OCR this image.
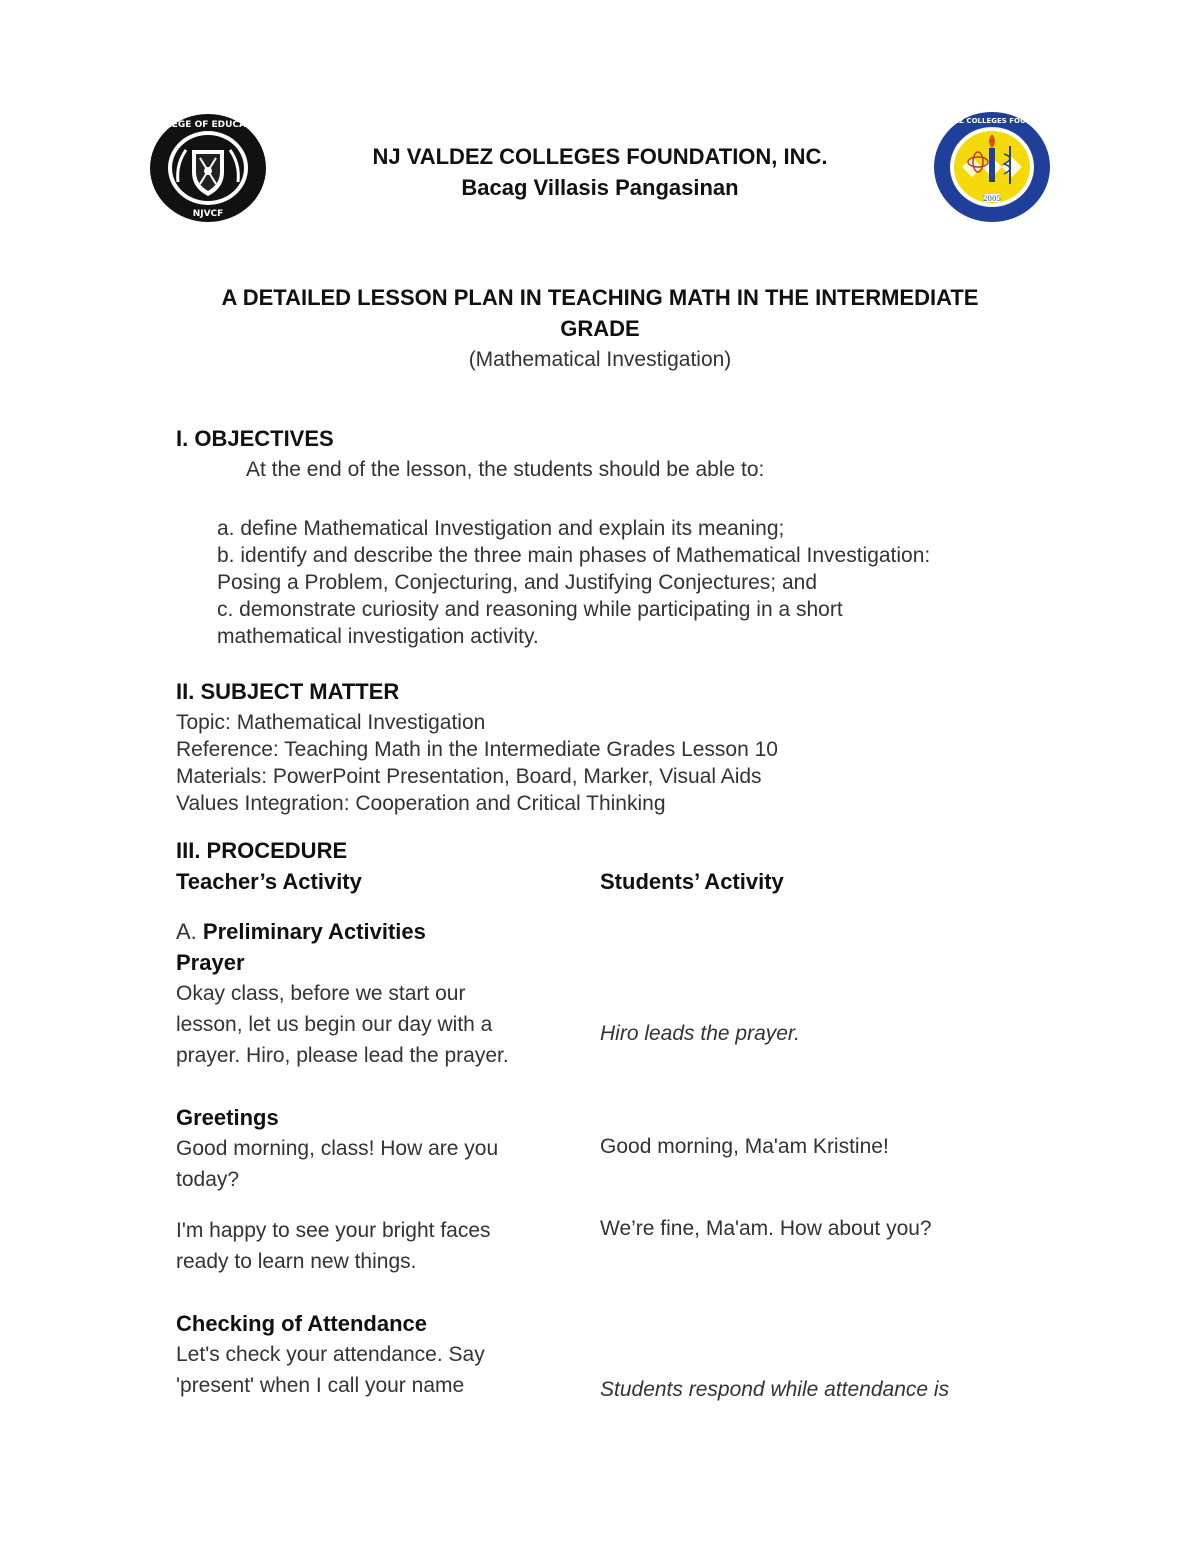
COLLEGE OF EDUCATION
NJVCF
2005
NJ VALDEZ COLLEGES FOUNDATION
NJ VALDEZ COLLEGES FOUNDATION, INC.
Bacag Villasis Pangasinan
A DETAILED LESSON PLAN IN TEACHING MATH IN THE INTERMEDIATE
GRADE
(Mathematical Investigation)
I. OBJECTIVES
At the end of the lesson, the students should be able to:
a. define Mathematical Investigation and explain its meaning;
b. identify and describe the three main phases of Mathematical Investigation:
Posing a Problem, Conjecturing, and Justifying Conjectures; and
c. demonstrate curiosity and reasoning while participating in a short
mathematical investigation activity.
II. SUBJECT MATTER
Topic: Mathematical Investigation
Reference: Teaching Math in the Intermediate Grades Lesson 10
Materials: PowerPoint Presentation, Board, Marker, Visual Aids
Values Integration: Cooperation and Critical Thinking
III. PROCEDURE
Teacher’s Activity	Students’ Activity
A. Preliminary Activities
Prayer
Okay class, before we start our
lesson, let us begin our day with a
prayer. Hiro, please lead the prayer.
Hiro leads the prayer.
Greetings
Good morning, class! How are you
today?
Good morning, Ma'am Kristine!
I'm happy to see your bright faces
ready to learn new things.
We’re fine, Ma'am. How about you?
Checking of Attendance
Let's check your attendance. Say
'present' when I call your name	Students respond while attendance is
